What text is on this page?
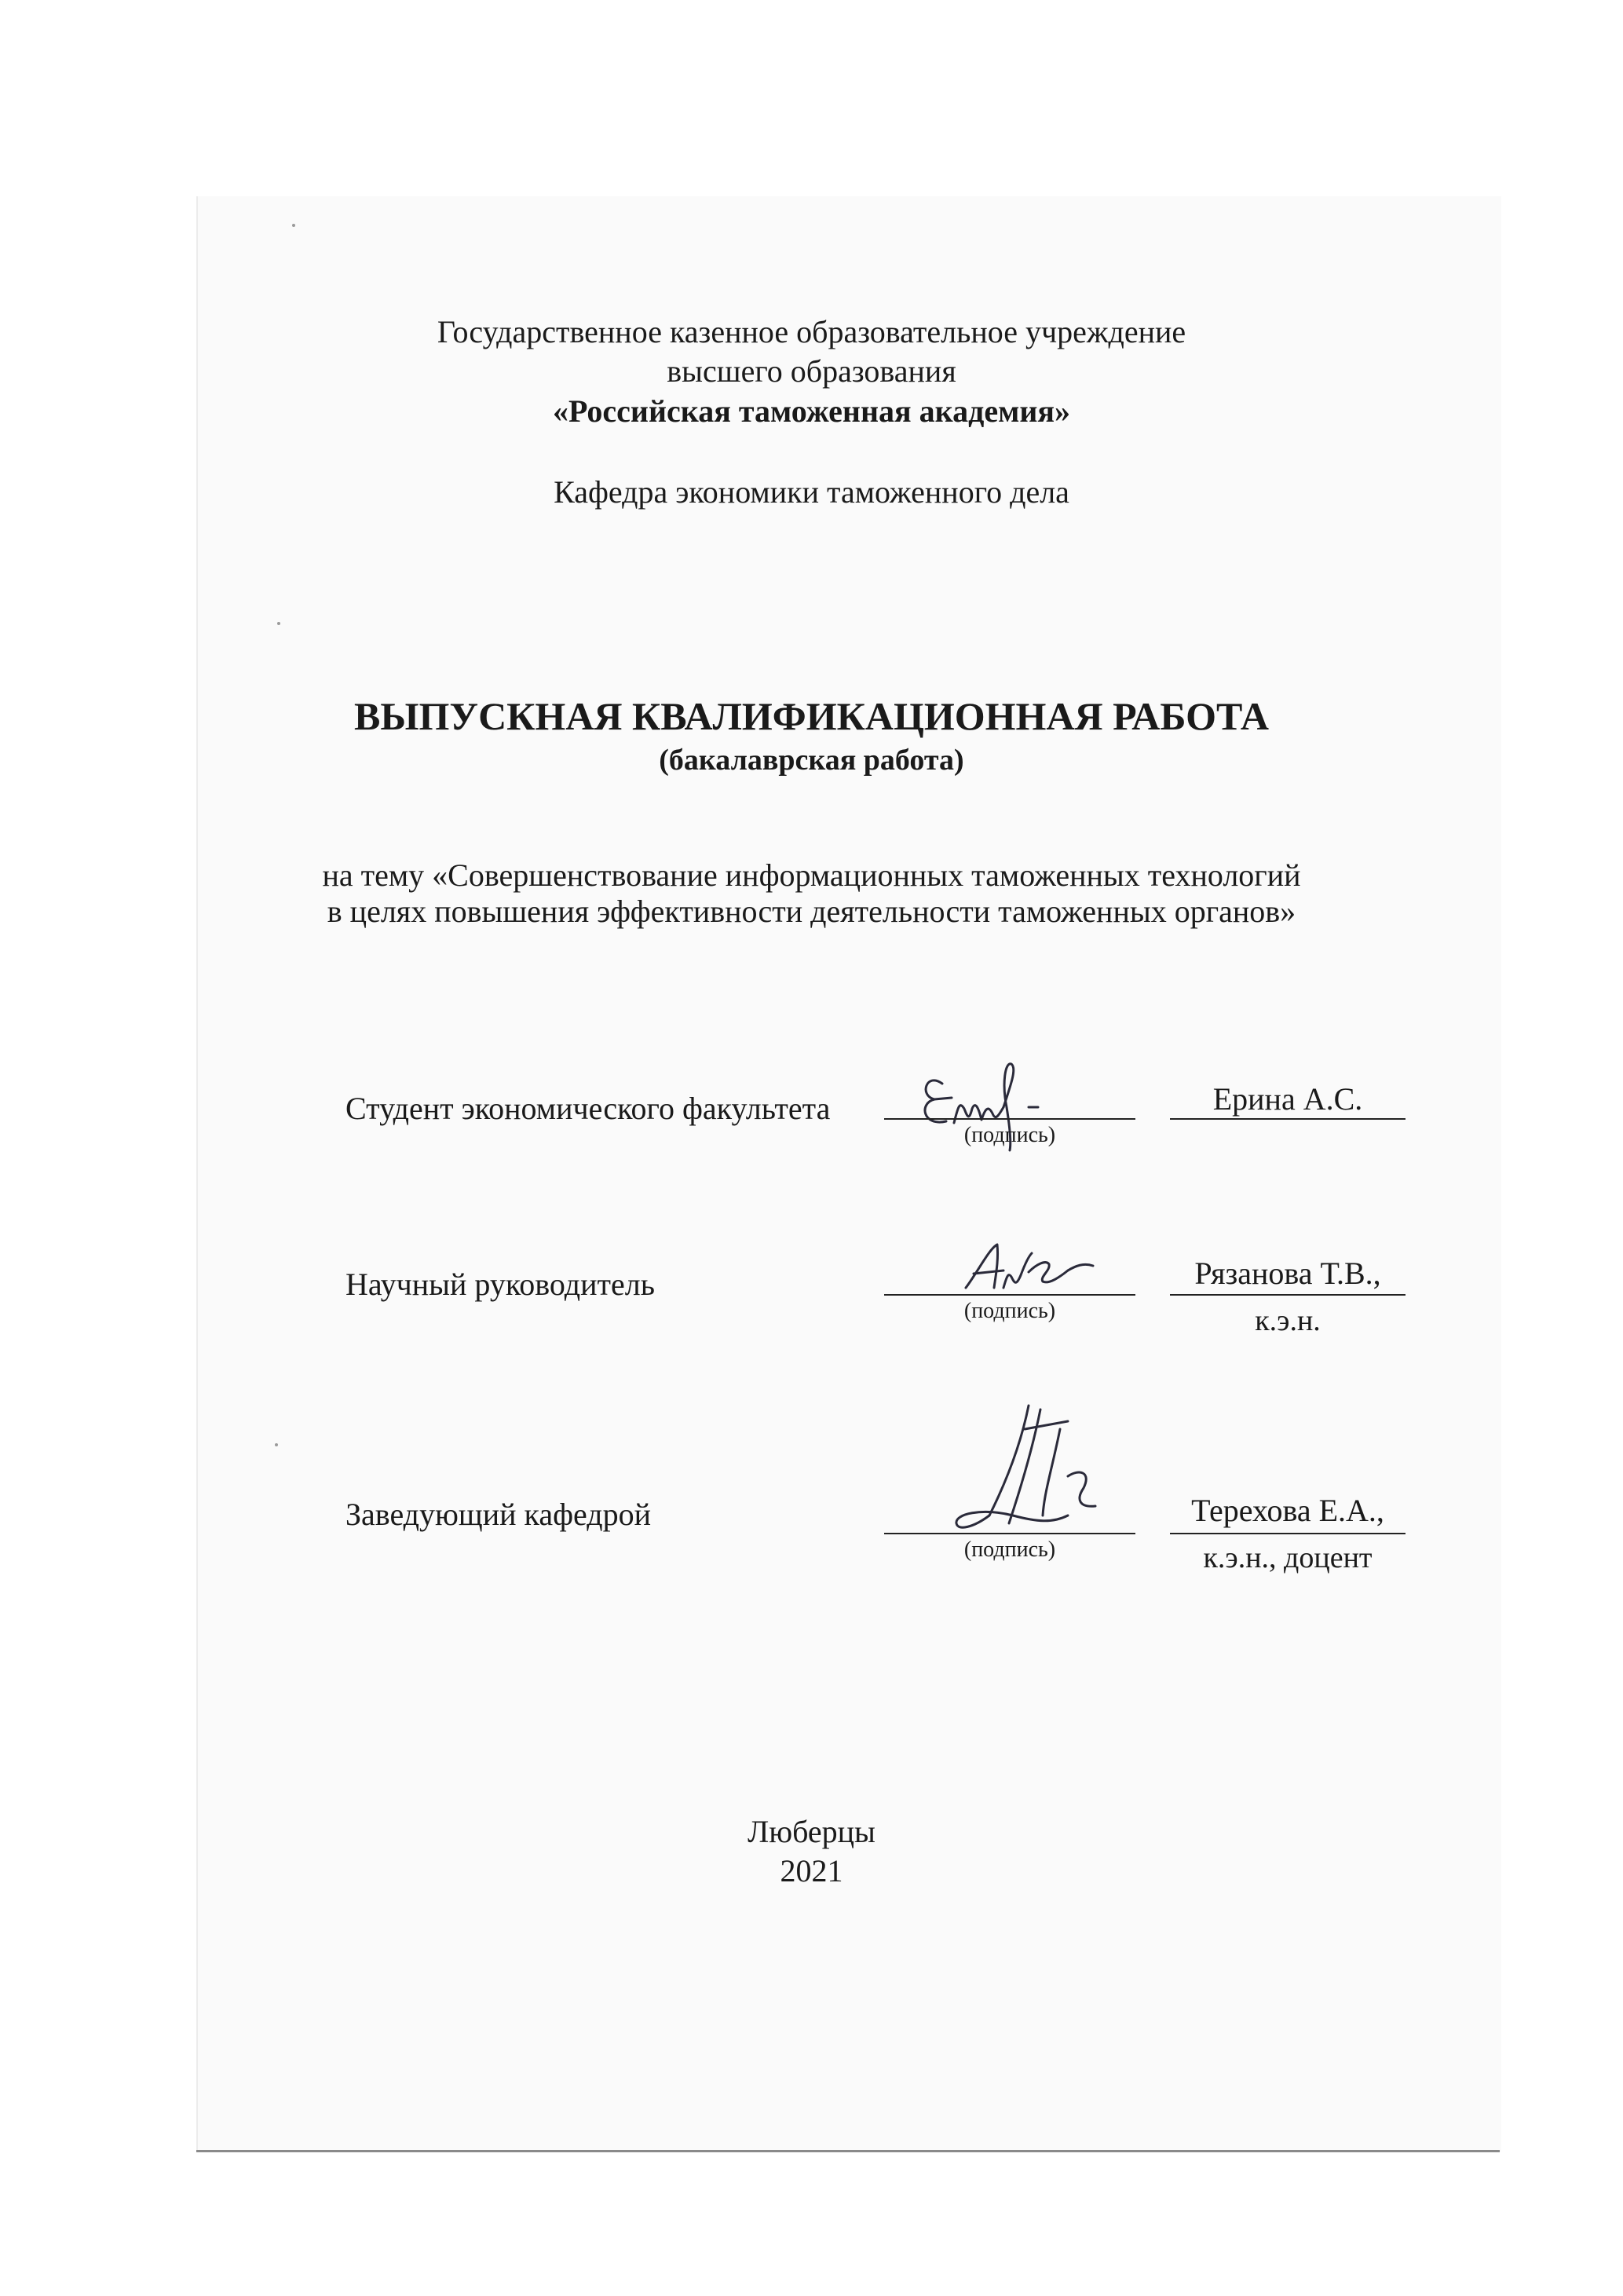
Государственное казенное образовательное учреждение
высшего образования
«Российская таможенная академия»
Кафедра экономики таможенного дела
ВЫПУСКНАЯ КВАЛИФИКАЦИОННАЯ РАБОТА
(бакалаврская работа)
на тему «Совершенствование информационных таможенных технологий
в целях повышения эффективности деятельности таможенных органов»
Студент экономического факультета
(подпись)
Ерина А.С.
Научный руководитель
(подпись)
Рязанова Т.В.,
к.э.н.
Заведующий кафедрой
(подпись)
Терехова Е.А.,
к.э.н., доцент
Люберцы
2021
